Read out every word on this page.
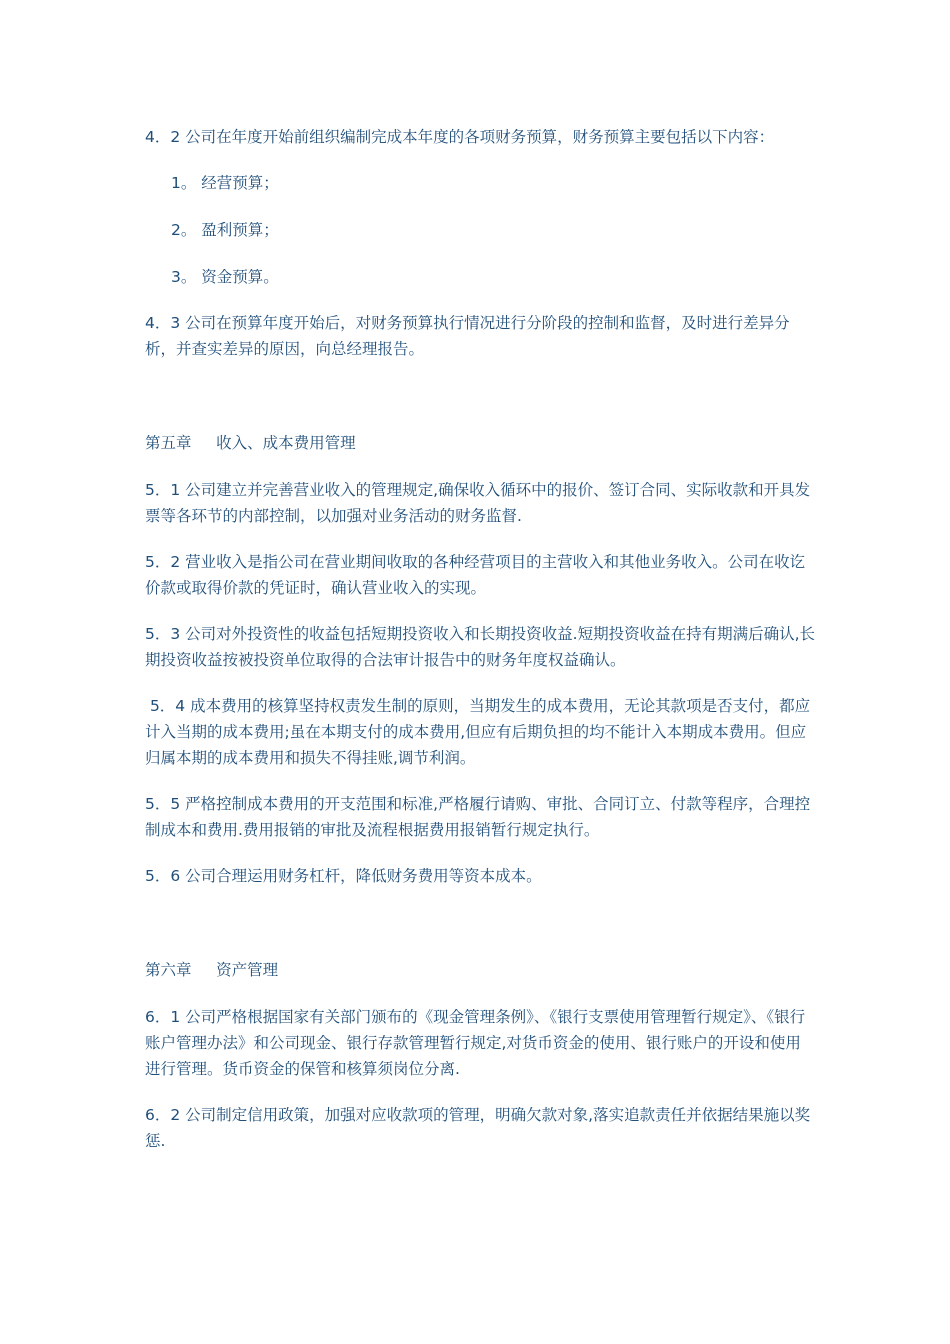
4．2 公司在年度开始前组织编制完成本年度的各项财务预算，财务预算主要包括以下内容：

1。 经营预算；

2。 盈利预算；

3。 资金预算。

4．3 公司在预算年度开始后，对财务预算执行情况进行分阶段的控制和监督，及时进行差异分析，并查实差异的原因，向总经理报告。

第五章     收入、成本费用管理

5．1 公司建立并完善营业收入的管理规定,确保收入循环中的报价、签订合同、实际收款和开具发票等各环节的内部控制，以加强对业务活动的财务监督.

5．2 营业收入是指公司在营业期间收取的各种经营项目的主营收入和其他业务收入。公司在收讫价款或取得价款的凭证时，确认营业收入的实现。

5．3 公司对外投资性的收益包括短期投资收入和长期投资收益.短期投资收益在持有期满后确认,长期投资收益按被投资单位取得的合法审计报告中的财务年度权益确认。

5．4 成本费用的核算坚持权责发生制的原则，当期发生的成本费用，无论其款项是否支付，都应计入当期的成本费用;虽在本期支付的成本费用,但应有后期负担的均不能计入本期成本费用。但应归属本期的成本费用和损失不得挂账,调节利润。

5．5 严格控制成本费用的开支范围和标准,严格履行请购、审批、合同订立、付款等程序，合理控制成本和费用.费用报销的审批及流程根据费用报销暂行规定执行。

5．6 公司合理运用财务杠杆，降低财务费用等资本成本。

第六章     资产管理

6．1 公司严格根据国家有关部门颁布的《现金管理条例》、《银行支票使用管理暂行规定》、《银行账户管理办法》和公司现金、银行存款管理暂行规定,对货币资金的使用、银行账户的开设和使用进行管理。货币资金的保管和核算须岗位分离.

6．2 公司制定信用政策，加强对应收款项的管理，明确欠款对象,落实追款责任并依据结果施以奖惩.
